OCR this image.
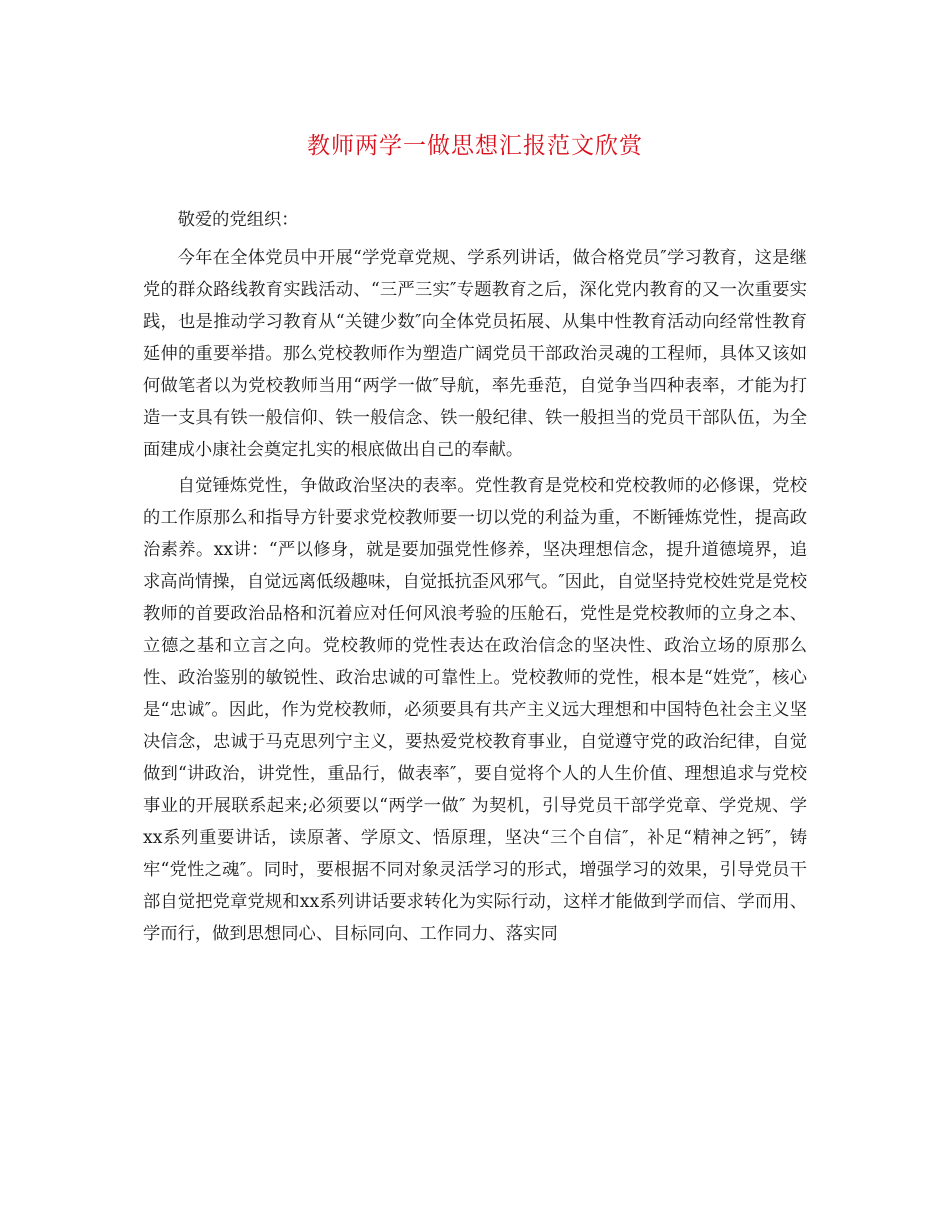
教师两学一做思想汇报范文欣赏

敬爱的党组织：

今年在全体党员中开展“学党章党规、学系列讲话，做合格党员″学习教育，这是继党的群众路线教育实践活动、“三严三实″专题教育之后，深化党内教育的又一次重要实践，也是推动学习教育从“关键少数″向全体党员拓展、从集中性教育活动向经常性教育延伸的重要举措。那么党校教师作为塑造广阔党员干部政治灵魂的工程师，具体又该如何做笔者以为党校教师当用“两学一做″导航，率先垂范，自觉争当四种表率，才能为打造一支具有铁一般信仰、铁一般信念、铁一般纪律、铁一般担当的党员干部队伍，为全面建成小康社会奠定扎实的根底做出自己的奉献。

自觉锤炼党性，争做政治坚决的表率。党性教育是党校和党校教师的必修课，党校的工作原那么和指导方针要求党校教师要一切以党的利益为重，不断锤炼党性，提高政治素养。xx讲：“严以修身，就是要加强党性修养，坚决理想信念，提升道德境界，追求高尚情操，自觉远离低级趣味，自觉抵抗歪风邪气。″因此，自觉坚持党校姓党是党校教师的首要政治品格和沉着应对任何风浪考验的压舱石，党性是党校教师的立身之本、立德之基和立言之向。党校教师的党性表达在政治信念的坚决性、政治立场的原那么性、政治鉴别的敏锐性、政治忠诚的可靠性上。党校教师的党性，根本是“姓党″，核心是“忠诚″。因此，作为党校教师，必须要具有共产主义远大理想和中国特色社会主义坚决信念，忠诚于马克思列宁主义，要热爱党校教育事业，自觉遵守党的政治纪律，自觉做到“讲政治，讲党性，重品行，做表率″，要自觉将个人的人生价值、理想追求与党校事业的开展联系起来;必须要以“两学一做″ 为契机，引导党员干部学党章、学党规、学xx系列重要讲话，读原著、学原文、悟原理，坚决“三个自信″，补足“精神之钙″，铸牢“党性之魂″。同时，要根据不同对象灵活学习的形式，增强学习的效果，引导党员干部自觉把党章党规和xx系列讲话要求转化为实际行动，这样才能做到学而信、学而用、学而行，做到思想同心、目标同向、工作同力、落实同
